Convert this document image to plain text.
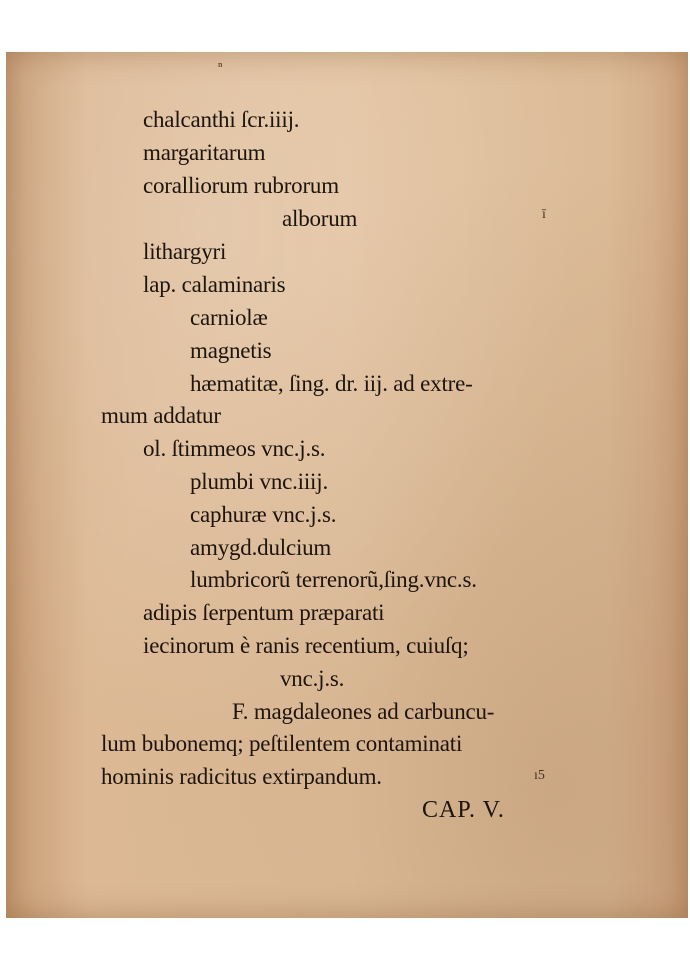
ⁿ
chalcanthi ſcr.iiij.
margaritarum
coralliorum rubrorum
alborum
lithargyri
lap. calaminaris
carniolæ
magnetis
hæmatitæ, ſing. dr. iij. ad extre-
mum addatur
ol. ſtimmeos vnc.j.s.
plumbi vnc.iiij.
caphuræ vnc.j.s.
amygd.dulcium
lumbricorũ terrenorũ,ſing.vnc.s.
adipis ſerpentum præparati
iecinorum è ranis recentium, cuiuſq;
vnc.j.s.
F. magdaleones ad carbuncu-
lum bubonemq; peſtilentem contaminati
hominis radicitus extirpandum.
CAP. V.
ī
ı5
